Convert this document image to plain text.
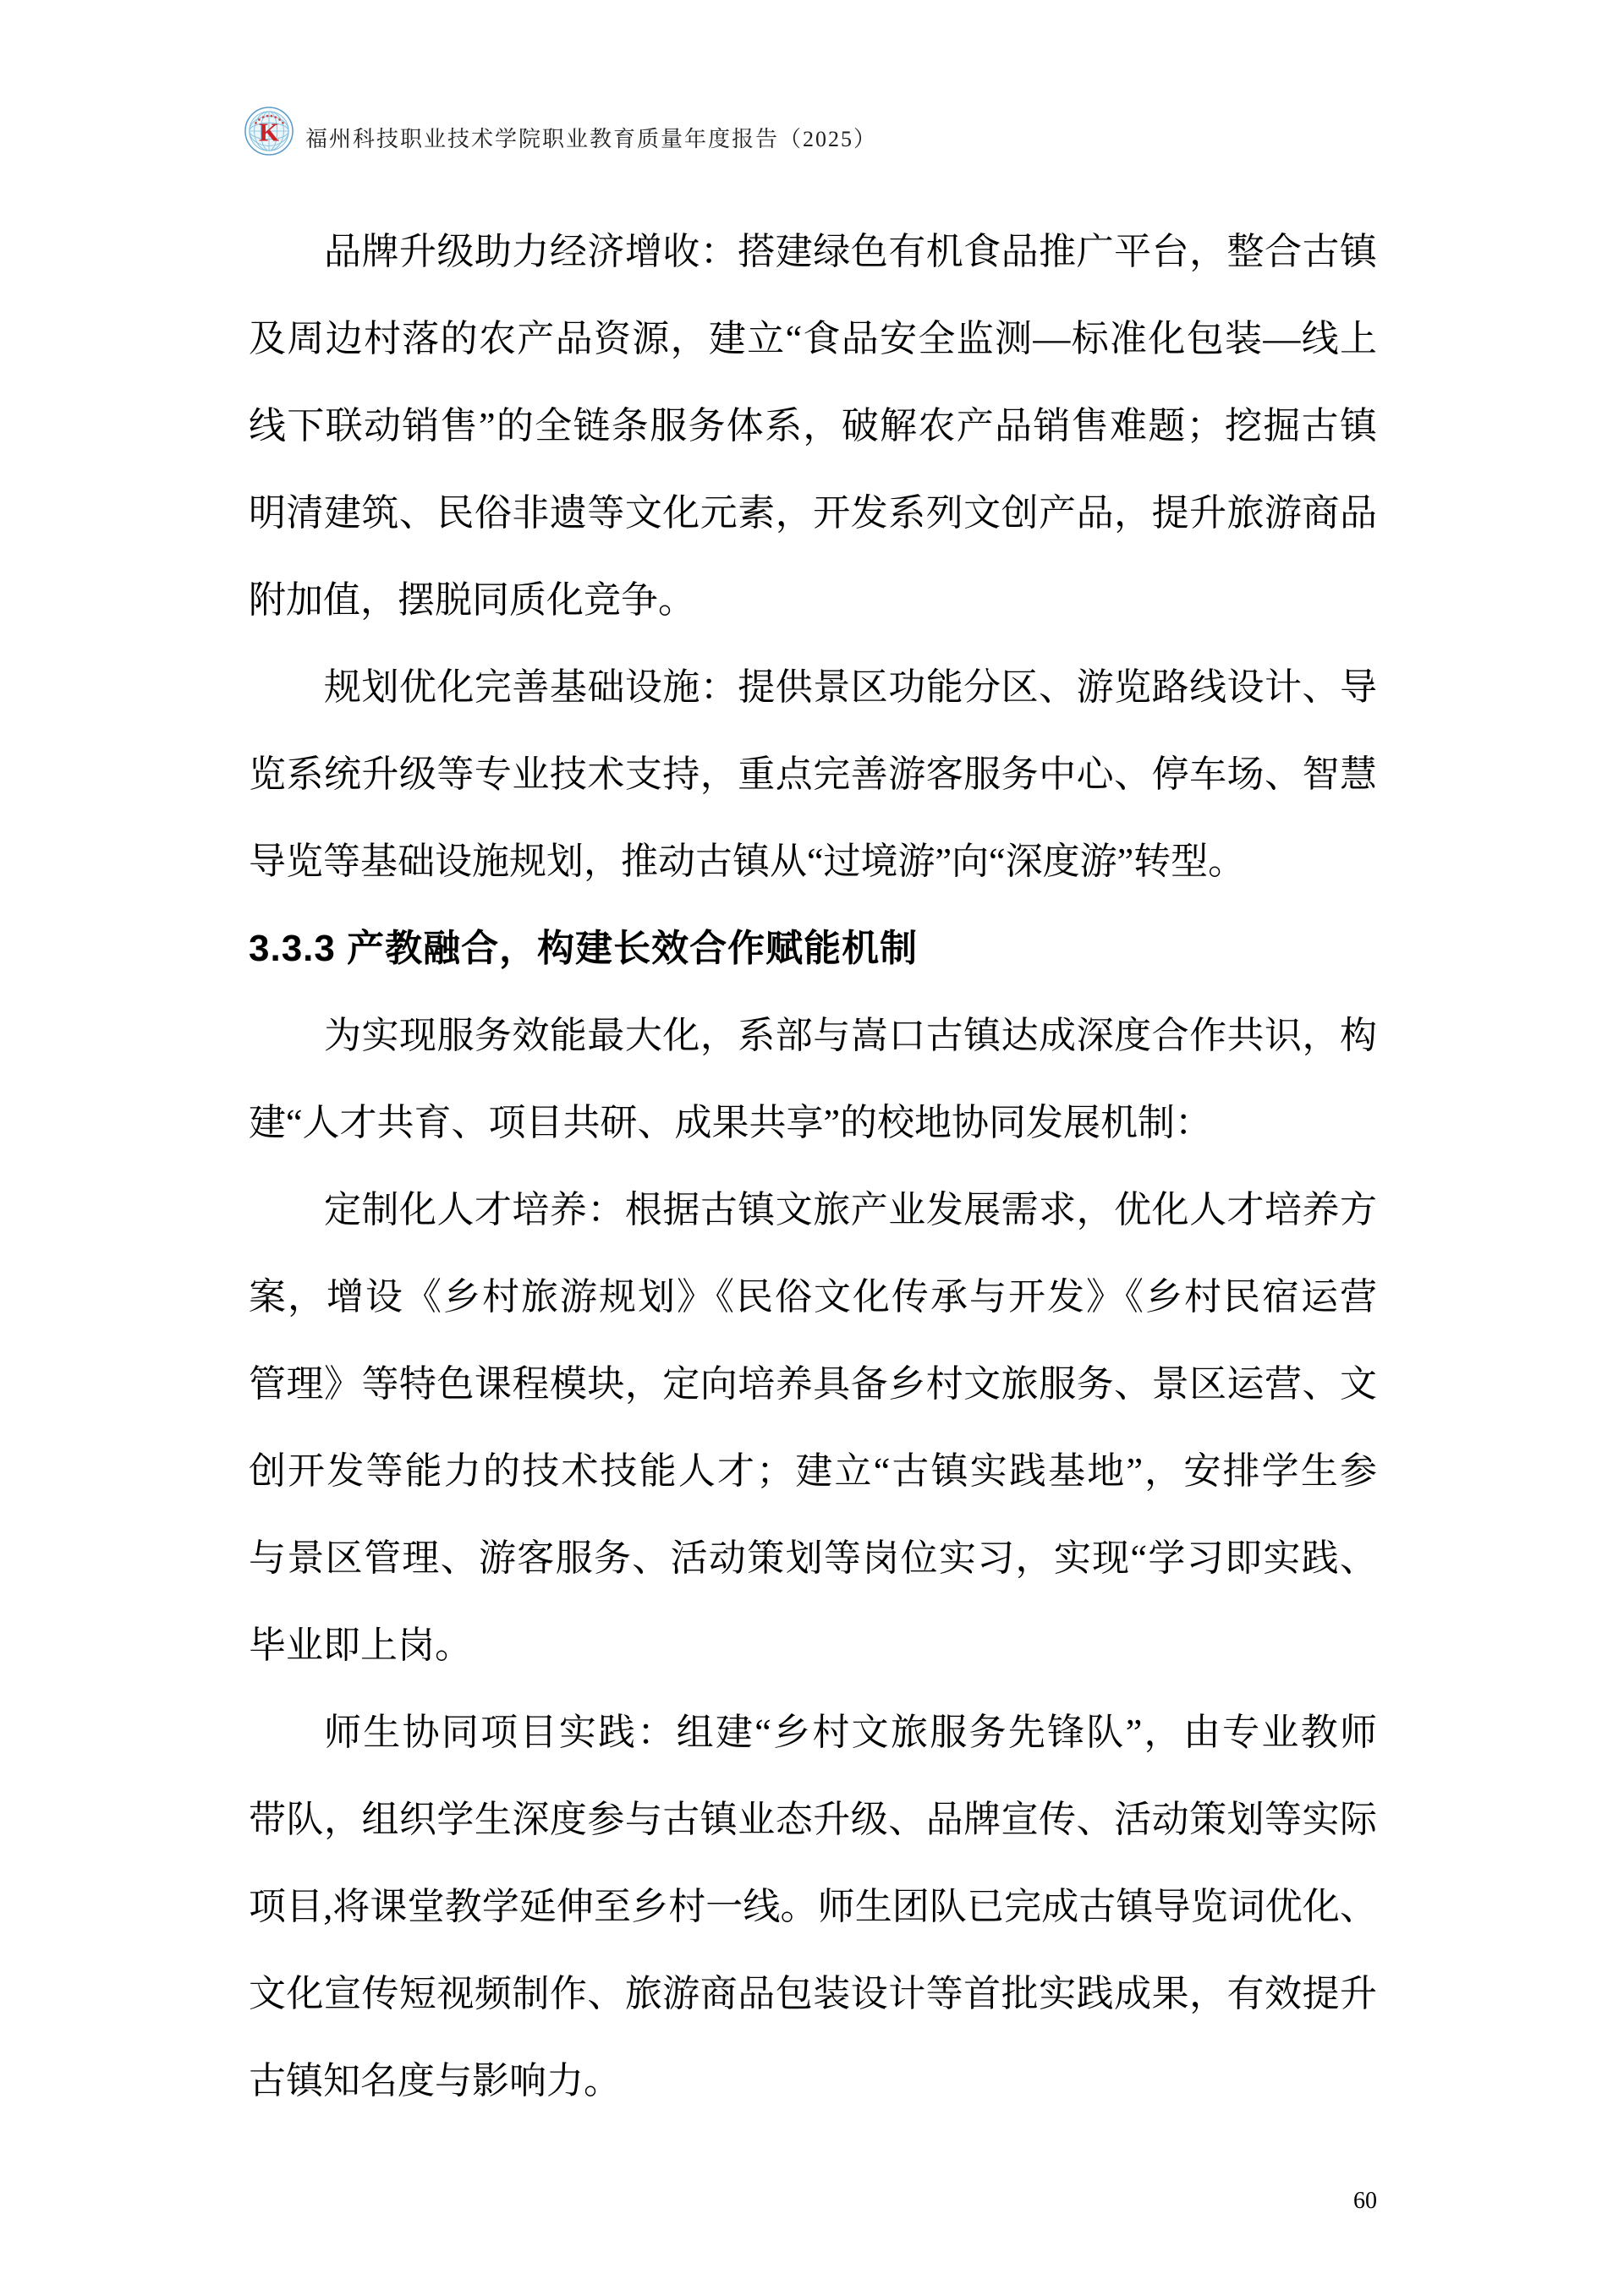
K 福州科技职业技术学院职业教育质量年度报告（2025）
品牌升级助力经济增收：搭建绿色有机食品推广平台，整合古镇
及周边村落的农产品资源，建立“食品安全监测—标准化包装—线上
线下联动销售”的全链条服务体系，破解农产品销售难题；挖掘古镇
明清建筑、民俗非遗等文化元素，开发系列文创产品，提升旅游商品
附加值，摆脱同质化竞争。
规划优化完善基础设施：提供景区功能分区、游览路线设计、导
览系统升级等专业技术支持，重点完善游客服务中心、停车场、智慧
导览等基础设施规划，推动古镇从“过境游”向“深度游”转型。
3.3.3 产教融合，构建长效合作赋能机制
为实现服务效能最大化，系部与嵩口古镇达成深度合作共识，构
建“人才共育、项目共研、成果共享”的校地协同发展机制：
定制化人才培养：根据古镇文旅产业发展需求，优化人才培养方
案，增设《乡村旅游规划》《民俗文化传承与开发》《乡村民宿运营
管理》等特色课程模块，定向培养具备乡村文旅服务、景区运营、文
创开发等能力的技术技能人才；建立“古镇实践基地”，安排学生参
与景区管理、游客服务、活动策划等岗位实习，实现“学习即实践、
毕业即上岗。
师生协同项目实践：组建“乡村文旅服务先锋队”，由专业教师
带队，组织学生深度参与古镇业态升级、品牌宣传、活动策划等实际
项目,将课堂教学延伸至乡村一线。师生团队已完成古镇导览词优化、
文化宣传短视频制作、旅游商品包装设计等首批实践成果，有效提升
古镇知名度与影响力。
60
